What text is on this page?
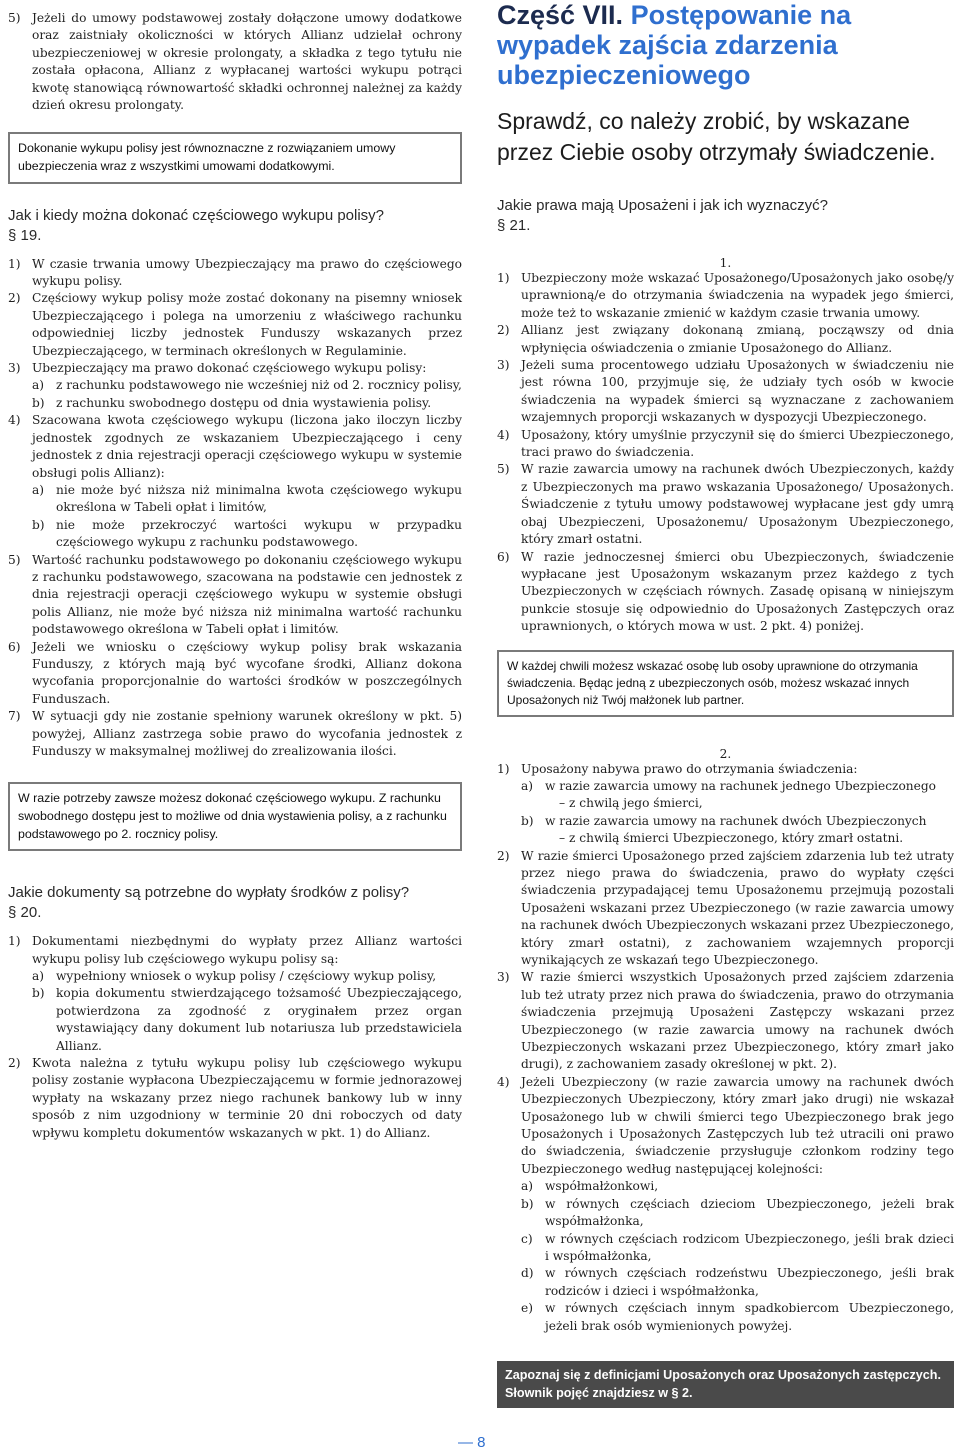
5) Jeżeli do umowy podstawowej zostały dołączone umowy dodatkowe oraz zaistniały okoliczności w których Allianz udzielał ochrony ubezpieczeniowej w okresie prolongaty, a składka z tego tytułu nie została opłacona, Allianz z wypłacanej wartości wykupu potrąci kwotę stanowiącą równowartość składki ochronnej należnej za każdy dzień okresu prolongaty.
Dokonanie wykupu polisy jest równoznaczne z rozwiązaniem umowy ubezpieczenia wraz z wszystkimi umowami dodatkowymi.
Jak i kiedy można dokonać częściowego wykupu polisy?
§ 19.
1) W czasie trwania umowy Ubezpieczający ma prawo do częściowego wykupu polisy.
2) Częściowy wykup polisy może zostać dokonany na pisemny wniosek Ubezpieczającego i polega na umorzeniu z właściwego rachunku odpowiedniej liczby jednostek Funduszy wskazanych przez Ubezpieczającego, w terminach określonych w Regulaminie.
3) Ubezpieczający ma prawo dokonać częściowego wykupu polisy:
a) z rachunku podstawowego nie wcześniej niż od 2. rocznicy polisy,
b) z rachunku swobodnego dostępu od dnia wystawienia polisy.
4) Szacowana kwota częściowego wykupu (liczona jako iloczyn liczby jednostek zgodnych ze wskazaniem Ubezpieczającego i ceny jednostek z dnia rejestracji operacji częściowego wykupu w systemie obsługi polis Allianz):
a) nie może być niższa niż minimalna kwota częściowego wykupu określona w Tabeli opłat i limitów,
b) nie może przekroczyć wartości wykupu w przypadku częściowego wykupu z rachunku podstawowego.
5) Wartość rachunku podstawowego po dokonaniu częściowego wykupu z rachunku podstawowego, szacowana na podstawie cen jednostek z dnia rejestracji operacji częściowego wykupu w systemie obsługi polis Allianz, nie może być niższa niż minimalna wartość rachunku podstawowego określona w Tabeli opłat i limitów.
6) Jeżeli we wniosku o częściowy wykup polisy brak wskazania Funduszy, z których mają być wycofane środki, Allianz dokona wycofania proporcjonalnie do wartości środków w poszczególnych Funduszach.
7) W sytuacji gdy nie zostanie spełniony warunek określony w pkt. 5) powyżej, Allianz zastrzega sobie prawo do wycofania jednostek z Funduszy w maksymalnej możliwej do zrealizowania ilości.
W razie potrzeby zawsze możesz dokonać częściowego wykupu. Z rachunku swobodnego dostępu jest to możliwe od dnia wystawienia polisy, a z rachunku podstawowego po 2. rocznicy polisy.
Jakie dokumenty są potrzebne do wypłaty środków z polisy?
§ 20.
1) Dokumentami niezbędnymi do wypłaty przez Allianz wartości wykupu polisy lub częściowego wykupu polisy są:
a) wypełniony wniosek o wykup polisy / częściowy wykup polisy,
b) kopia dokumentu stwierdzającego tożsamość Ubezpieczającego, potwierdzona za zgodność z oryginałem przez organ wystawiający dany dokument lub notariusza lub przedstawiciela Allianz.
2) Kwota należna z tytułu wykupu polisy lub częściowego wykupu polisy zostanie wypłacona Ubezpieczającemu w formie jednorazowej wypłaty na wskazany przez niego rachunek bankowy lub w inny sposób z nim uzgodniony w terminie 20 dni roboczych od daty wpływu kompletu dokumentów wskazanych w pkt. 1) do Allianz.
Część VII. Postępowanie na wypadek zajścia zdarzenia ubezpieczeniowego
Sprawdź, co należy zrobić, by wskazane przez Ciebie osoby otrzymały świadczenie.
Jakie prawa mają Uposażeni i jak ich wyznaczyć?
§ 21.
1.
1) Ubezpieczony może wskazać Uposażonego/Uposażonych jako osobę/y uprawnioną/e do otrzymania świadczenia na wypadek jego śmierci, może też to wskazanie zmienić w każdym czasie trwania umowy.
2) Allianz jest związany dokonaną zmianą, począwszy od dnia wpłynięcia oświadczenia o zmianie Uposażonego do Allianz.
3) Jeżeli suma procentowego udziału Uposażonych w świadczeniu nie jest równa 100, przyjmuje się, że udziały tych osób w kwocie świadczenia na wypadek śmierci są wyznaczane z zachowaniem wzajemnych proporcji wskazanych w dyspozycji Ubezpieczonego.
4) Uposażony, który umyślnie przyczynił się do śmierci Ubezpieczonego, traci prawo do świadczenia.
5) W razie zawarcia umowy na rachunek dwóch Ubezpieczonych, każdy z Ubezpieczonych ma prawo wskazania Uposażonego/ Uposażonych. Świadczenie z tytułu umowy podstawowej wypłacane jest gdy umrą obaj Ubezpieczeni, Uposażonemu/ Uposażonym Ubezpieczonego, który zmarł ostatni.
6) W razie jednoczesnej śmierci obu Ubezpieczonych, świadczenie wypłacane jest Uposażonym wskazanym przez każdego z tych Ubezpieczonych w częściach równych. Zasadę opisaną w niniejszym punkcie stosuje się odpowiednio do Uposażonych Zastępczych oraz uprawnionych, o których mowa w ust. 2 pkt. 4) poniżej.
W każdej chwili możesz wskazać osobę lub osoby uprawnione do otrzymania świadczenia. Będąc jedną z ubezpieczonych osób, możesz wskazać innych Uposażonych niż Twój małżonek lub partner.
2.
1) Uposażony nabywa prawo do otrzymania świadczenia:
a) w razie zawarcia umowy na rachunek jednego Ubezpieczonego
– z chwilą jego śmierci,
b) w razie zawarcia umowy na rachunek dwóch Ubezpieczonych
– z chwilą śmierci Ubezpieczonego, który zmarł ostatni.
2) W razie śmierci Uposażonego przed zajściem zdarzenia lub też utraty przez niego prawa do świadczenia, prawo do wypłaty części świadczenia przypadającej temu Uposażonemu przejmują pozostali Uposażeni wskazani przez Ubezpieczonego (w razie zawarcia umowy na rachunek dwóch Ubezpieczonych wskazani przez Ubezpieczonego, który zmarł ostatni), z zachowaniem wzajemnych proporcji wynikających ze wskazań tego Ubezpieczonego.
3) W razie śmierci wszystkich Uposażonych przed zajściem zdarzenia lub też utraty przez nich prawa do świadczenia, prawo do otrzymania świadczenia przejmują Uposażeni Zastępczy wskazani przez Ubezpieczonego (w razie zawarcia umowy na rachunek dwóch Ubezpieczonych wskazani przez Ubezpieczonego, który zmarł jako drugi), z zachowaniem zasady określonej w pkt. 2).
4) Jeżeli Ubezpieczony (w razie zawarcia umowy na rachunek dwóch Ubezpieczonych Ubezpieczony, który zmarł jako drugi) nie wskazał Uposażonego lub w chwili śmierci tego Ubezpieczonego brak jego Uposażonych i Uposażonych Zastępczych lub też utracili oni prawo do świadczenia, świadczenie przysługuje członkom rodziny tego Ubezpieczonego według następującej kolejności:
a) współmałżonkowi,
b) w równych częściach dzieciom Ubezpieczonego, jeżeli brak współmałżonka,
c) w równych częściach rodzicom Ubezpieczonego, jeśli brak dzieci i współmałżonka,
d) w równych częściach rodzeństwu Ubezpieczonego, jeśli brak rodziców i dzieci i współmałżonka,
e) w równych częściach innym spadkobiercom Ubezpieczonego, jeżeli brak osób wymienionych powyżej.
Zapoznaj się z definicjami Uposażonych oraz Uposażonych zastępczych. Słownik pojęć znajdziesz w § 2.
— 8
